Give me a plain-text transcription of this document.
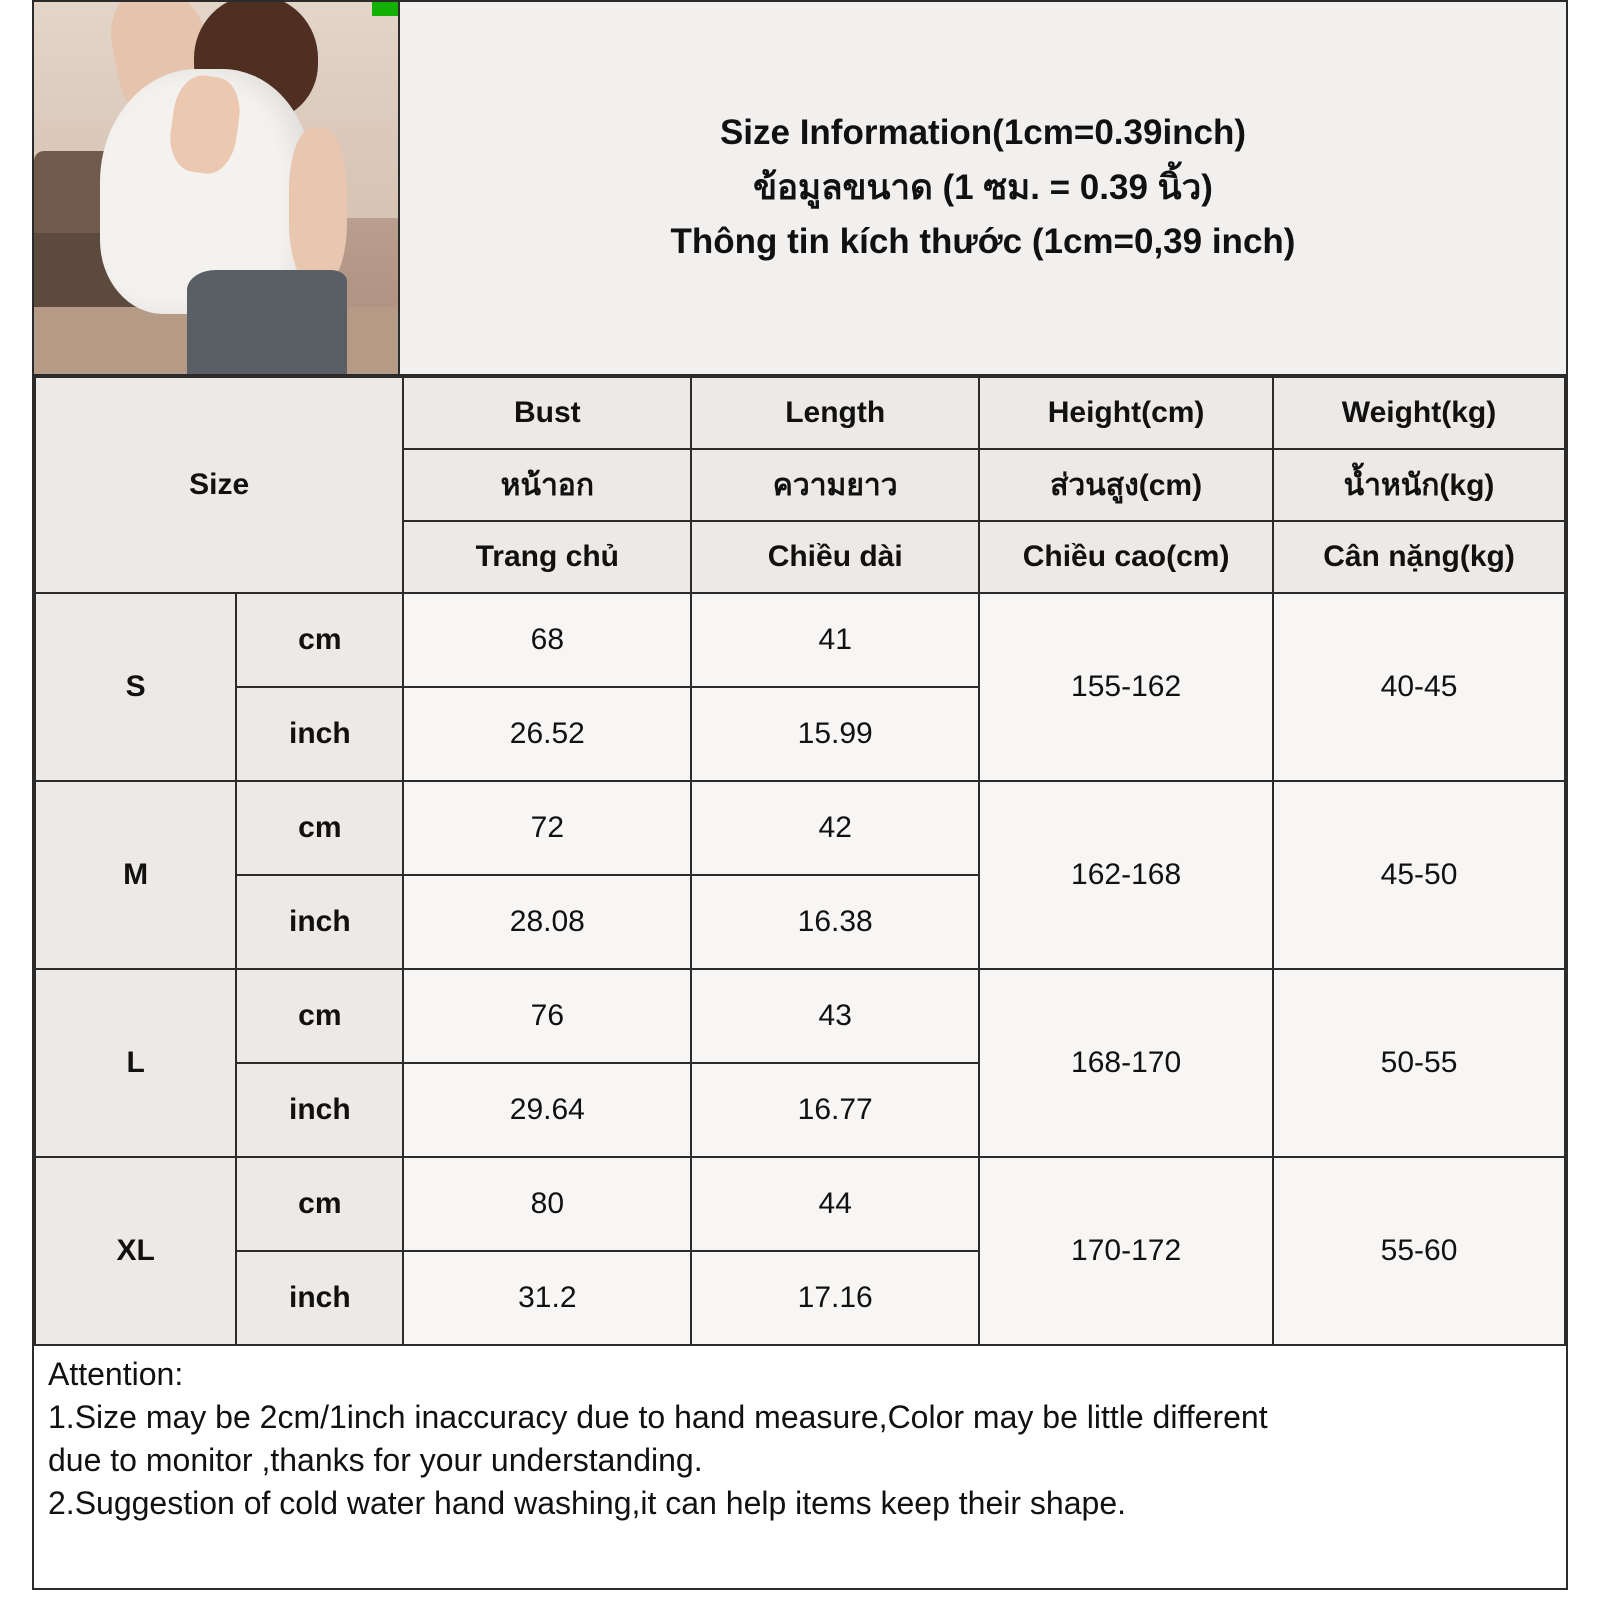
Size Information(1cm=0.39inch)
ข้อมูลขนาด (1 ซม. = 0.39 นิ้ว)
Thông tin kích thước (1cm=0,39 inch)
Size		Bust	Length	Height(cm)	Weight(kg)
		หน้าอก	ความยาว	ส่วนสูง(cm)	น้ำหนัก(kg)
		Trang chủ	Chiều dài	Chiều cao(cm)	Cân nặng(kg)
S	cm	68	41	155-162	40-45
	inch	26.52	15.99		
M	cm	72	42	162-168	45-50
	inch	28.08	16.38		
L	cm	76	43	168-170	50-55
	inch	29.64	16.77		
XL	cm	80	44	170-172	55-60
	inch	31.2	17.16		

Attention:

1.Size may be 2cm/1inch inaccuracy due to hand measure,Color may be little different

due to monitor ,thanks for your understanding.

2.Suggestion of cold water hand washing,it can help items keep their shape.
